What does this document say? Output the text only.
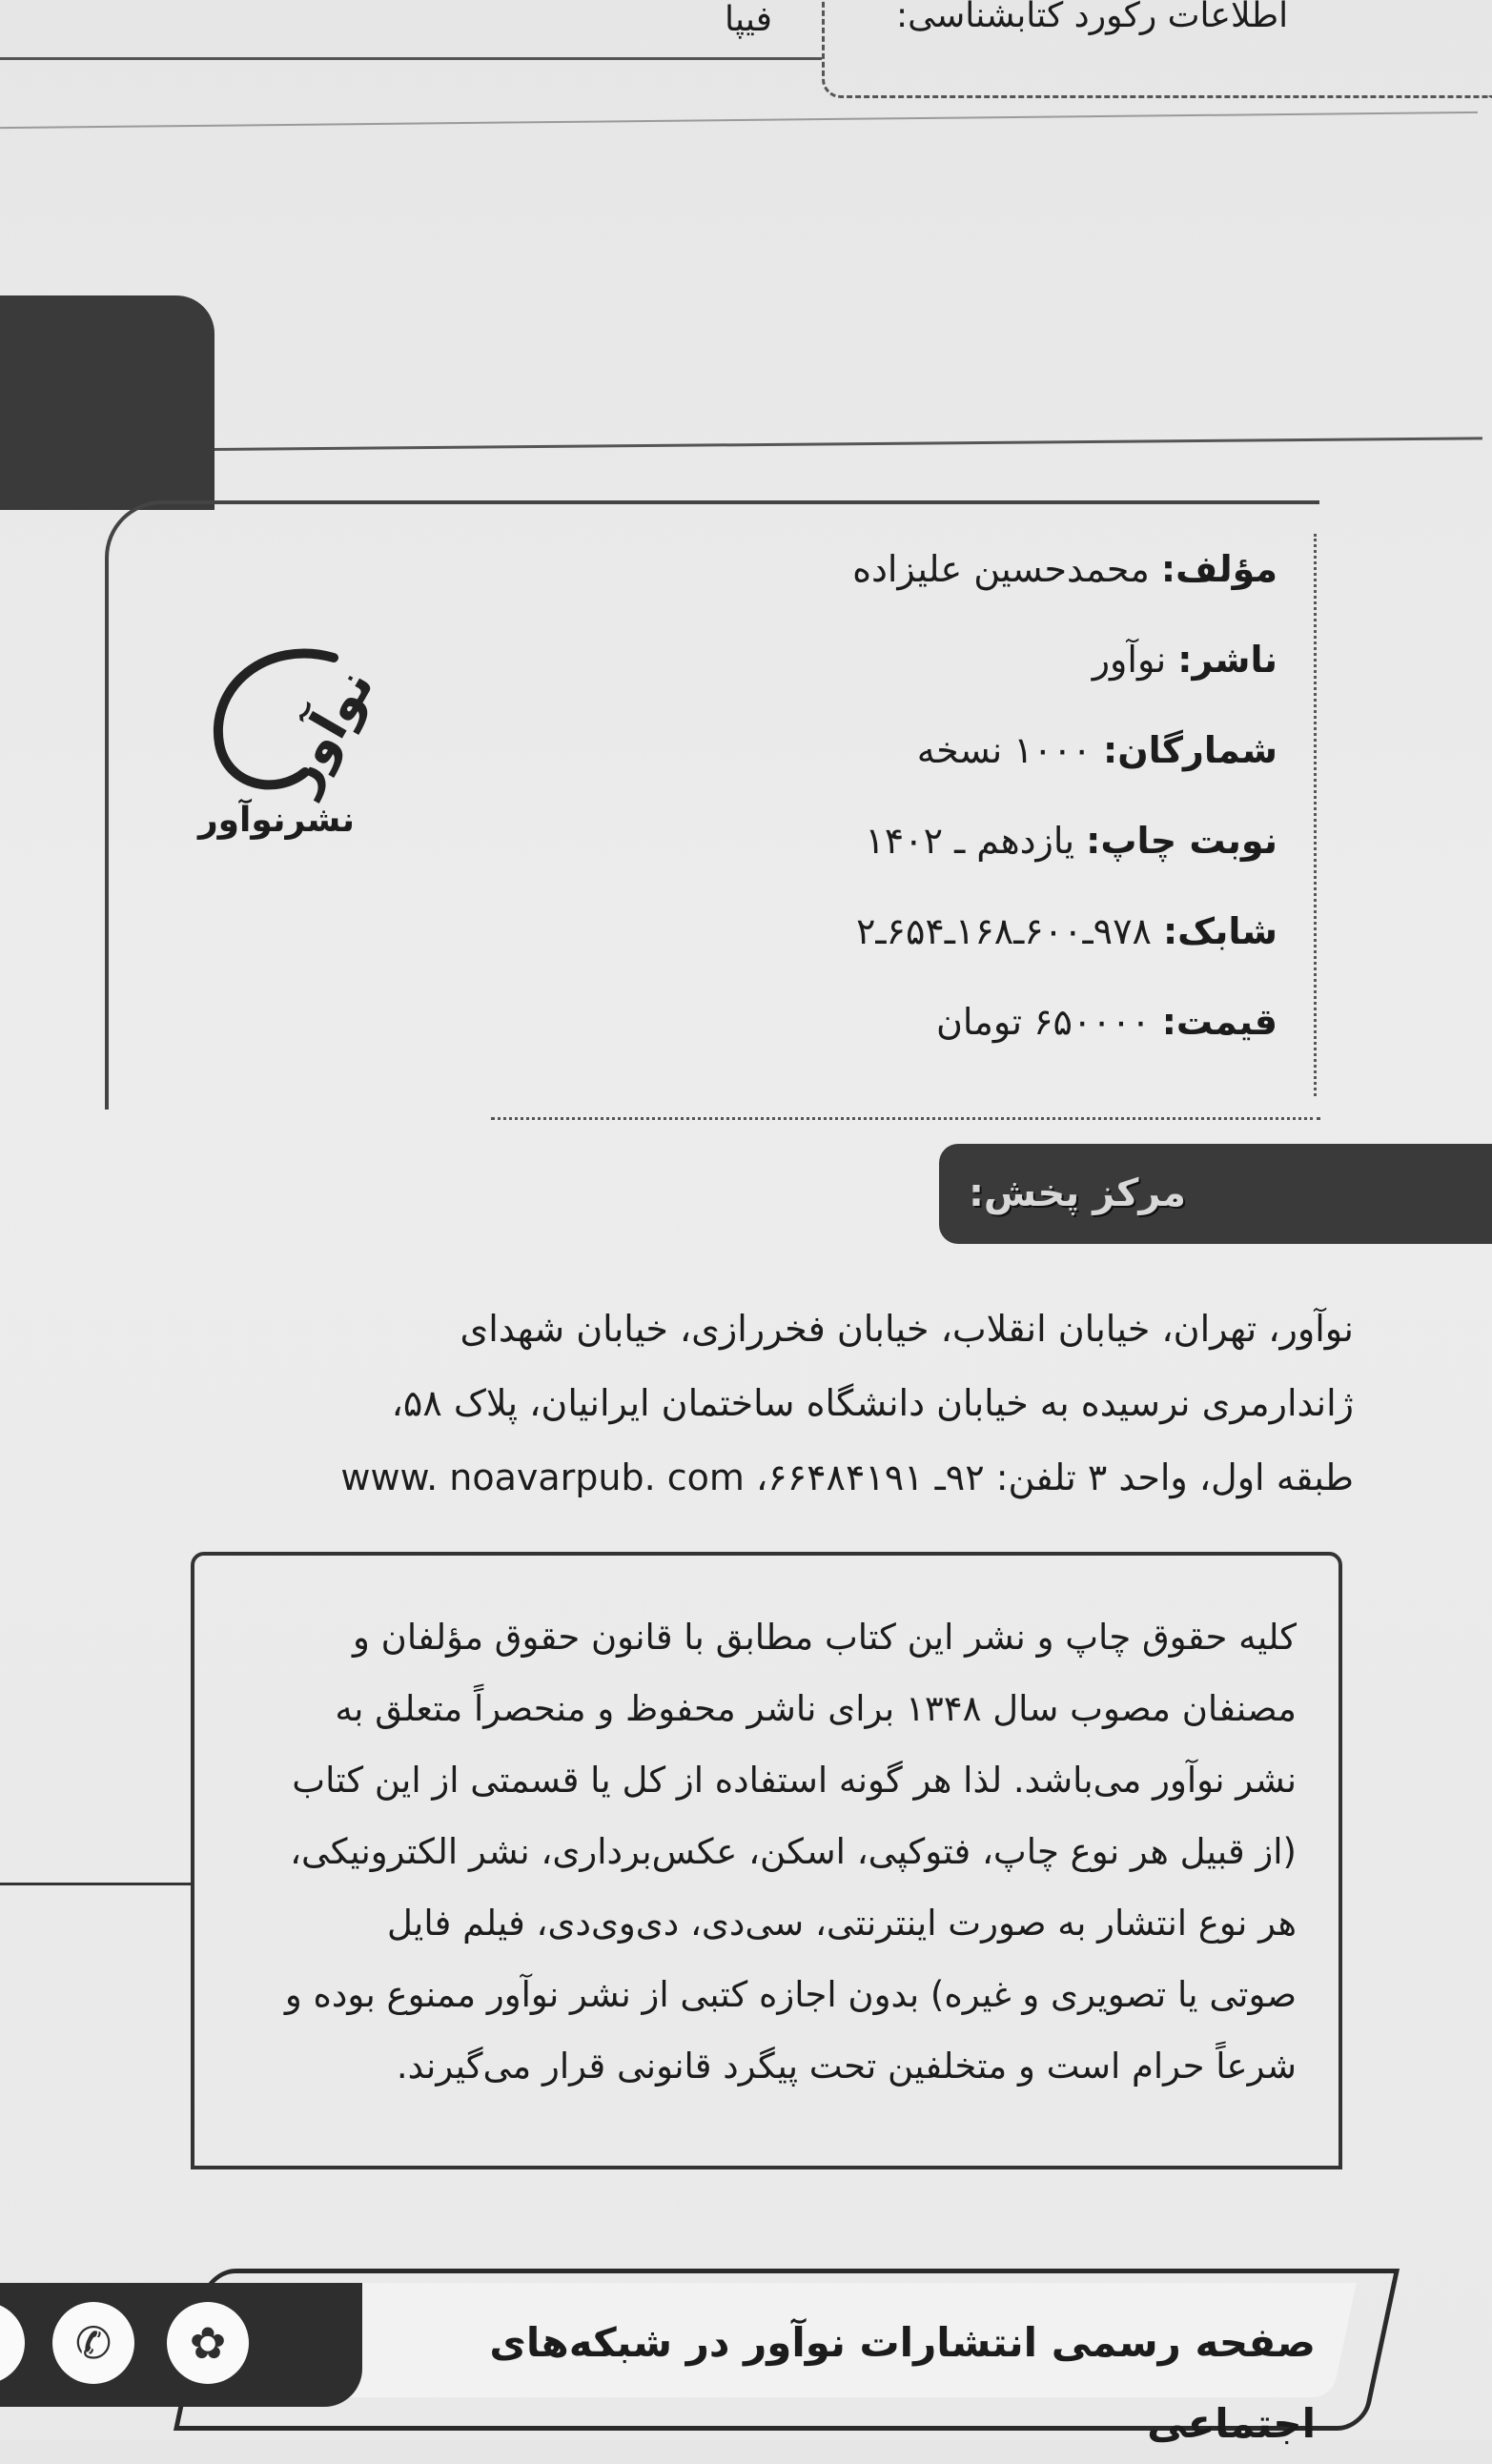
فیپا	اطلاعات رکورد کتابشناسی:
مؤلف: محمدحسین علیزاده
ناشر: نوآور
شمارگان: ۱۰۰۰ نسخه
نوبت چاپ: یازدهم ـ ۱۴۰۲
شابک: ۹۷۸ـ۶۰۰ـ۱۶۸ـ۶۵۴ـ۲
قیمت: ۶۵۰۰۰۰ تومان
نوآور
نشرنوآور
مرکز پخش:
نوآور، تهران، خیابان انقلاب، خیابان فخررازی، خیابان شهدای
ژاندارمری نرسیده به خیابان دانشگاه ساختمان ایرانیان، پلاک ۵۸،
طبقه اول، واحد ۳ تلفن: ۹۲ـ ۶۶۴۸۴۱۹۱، www. noavarpub. com
کلیه حقوق چاپ و نشر این کتاب مطابق با قانون حقوق مؤلفان و
مصنفان مصوب سال ۱۳۴۸ برای ناشر محفوظ و منحصراً متعلق به
نشر نوآور می‌باشد. لذا هر گونه استفاده از کل یا قسمتی از این کتاب
(از قبیل هر نوع چاپ، فتوکپی، اسکن، عکس‌برداری، نشر الکترونیکی،
هر نوع انتشار به صورت اینترنتی، سی‌دی، دی‌وی‌دی، فیلم فایل
صوتی یا تصویری و غیره) بدون اجازه کتبی از نشر نوآور ممنوع بوده و
شرعاً حرام است و متخلفین تحت پیگرد قانونی قرار می‌گیرند.
صفحه رسمی انتشارات نوآور در شبکه‌های اجتماعی
✿
✆
